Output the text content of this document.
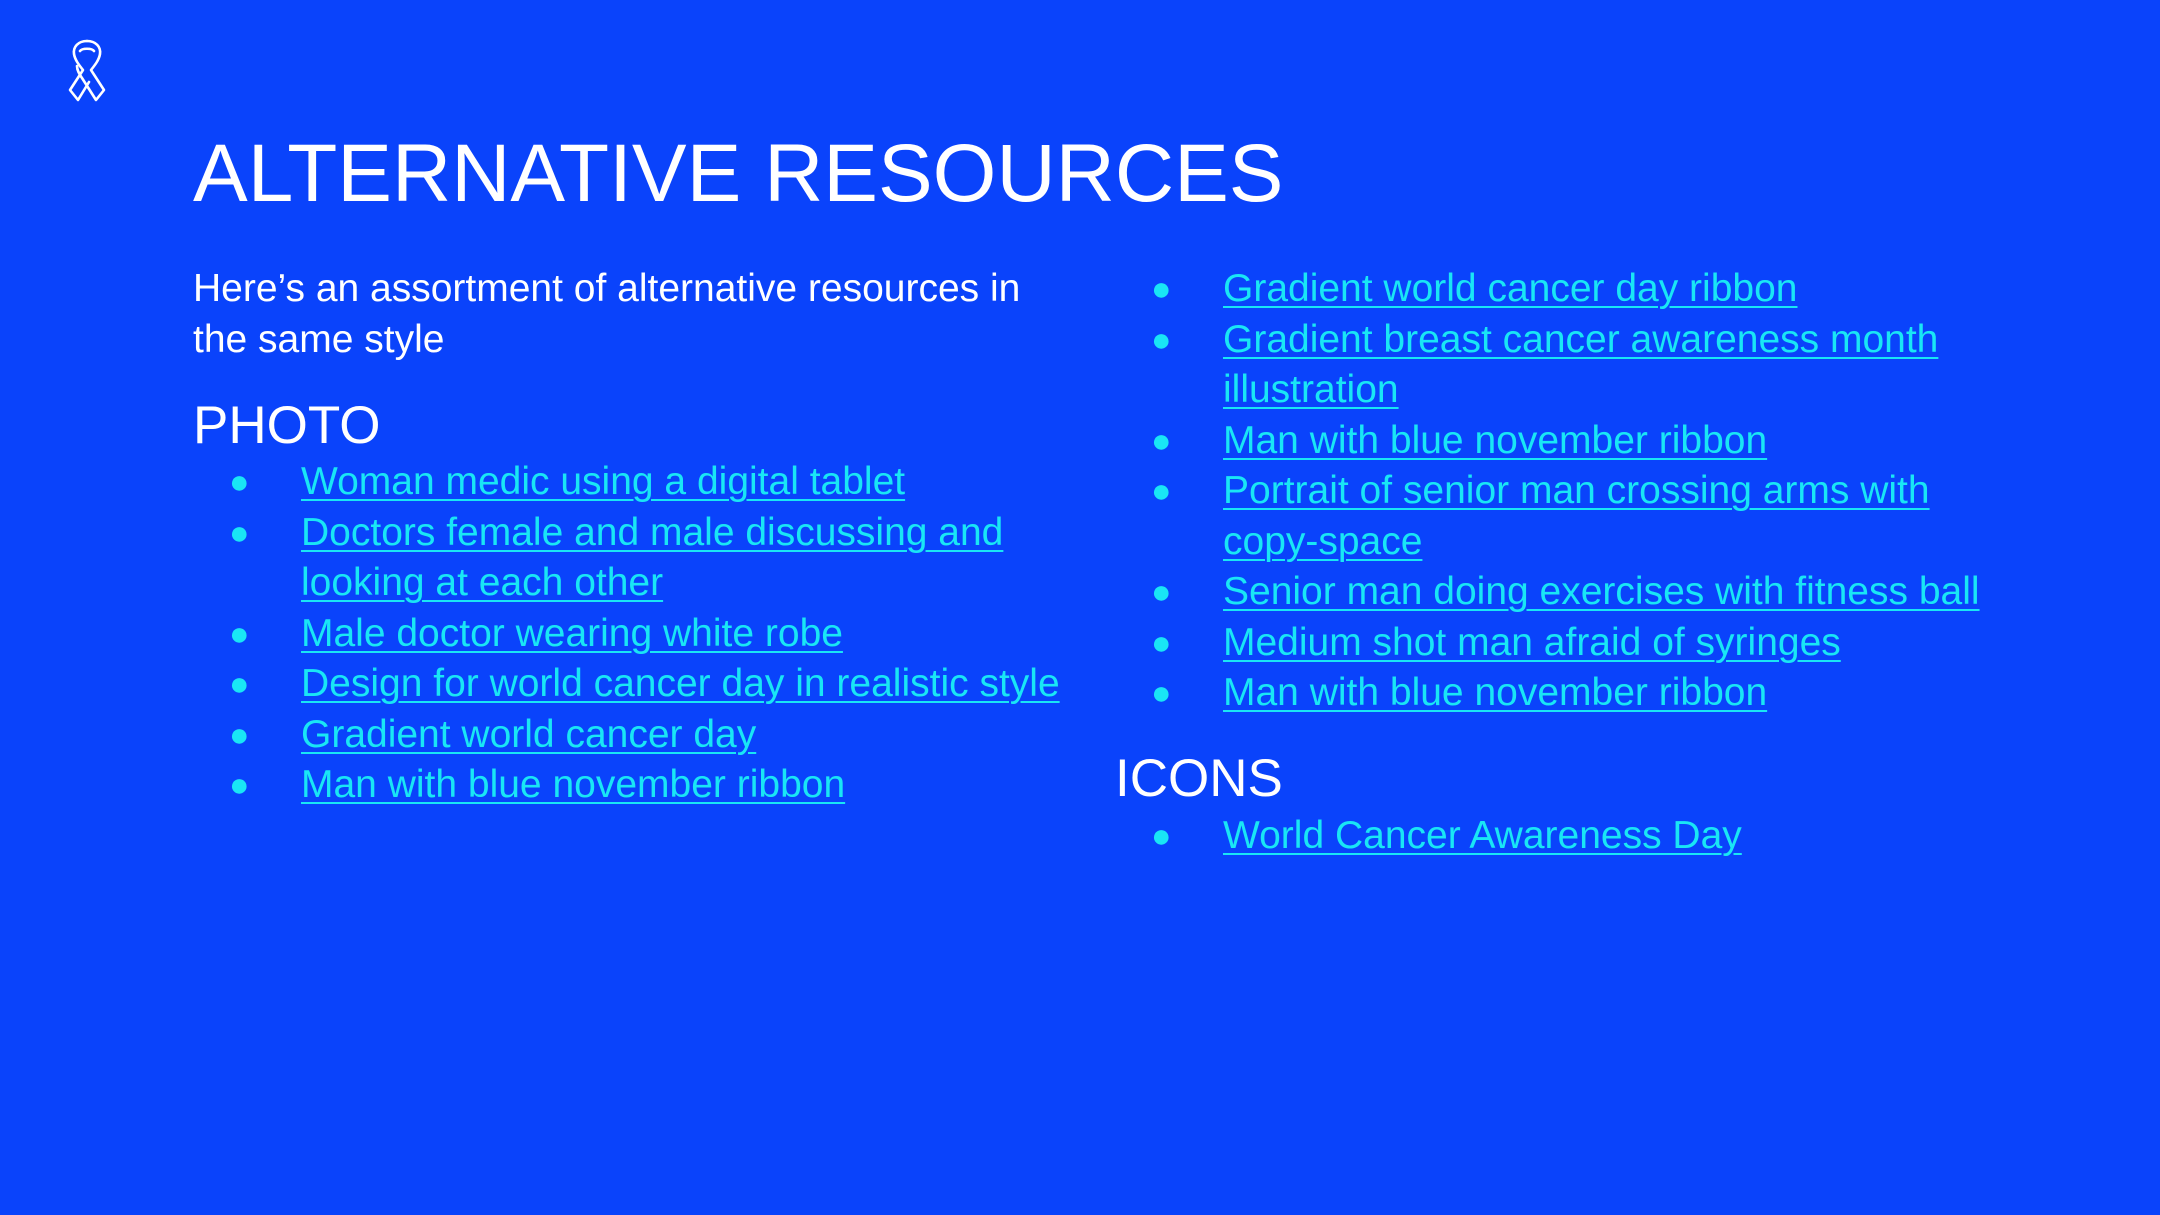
ALTERNATIVE RESOURCES

Here’s an assortment of alternative resources in the same style

PHOTO
● Woman medic using a digital tablet
● Doctors female and male discussing and looking at each other
● Male doctor wearing white robe
● Design for world cancer day in realistic style
● Gradient world cancer day
● Man with blue november ribbon
● Gradient world cancer day ribbon
● Gradient breast cancer awareness month illustration
● Man with blue november ribbon
● Portrait of senior man crossing arms with copy-space
● Senior man doing exercises with fitness ball
● Medium shot man afraid of syringes
● Man with blue november ribbon
ICONS
● World Cancer Awareness Day
